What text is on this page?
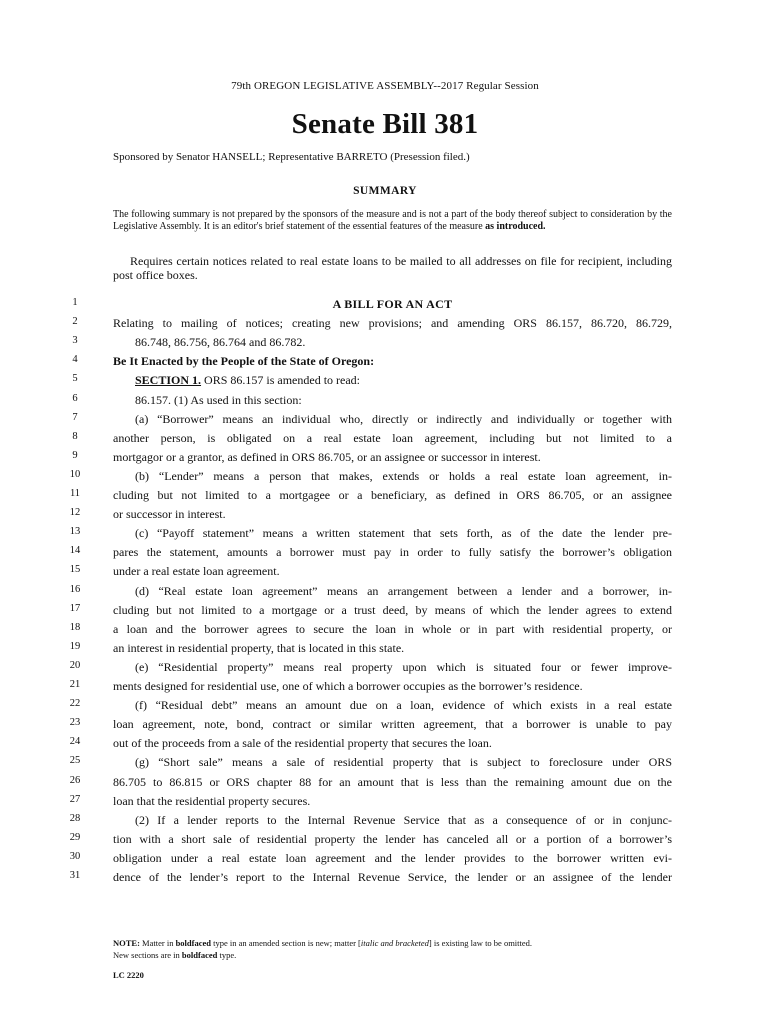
79th OREGON LEGISLATIVE ASSEMBLY--2017 Regular Session
Senate Bill 381
Sponsored by Senator HANSELL; Representative BARRETO (Presession filed.)
SUMMARY
The following summary is not prepared by the sponsors of the measure and is not a part of the body thereof subject to consideration by the Legislative Assembly. It is an editor's brief statement of the essential features of the measure as introduced.
Requires certain notices related to real estate loans to be mailed to all addresses on file for recipient, including post office boxes.
1	A BILL FOR AN ACT
2	Relating to mailing of notices; creating new provisions; and amending ORS 86.157, 86.720, 86.729,
3	86.748, 86.756, 86.764 and 86.782.
4	Be It Enacted by the People of the State of Oregon:
5	SECTION 1. ORS 86.157 is amended to read:
6	86.157. (1) As used in this section:
7	(a) “Borrower” means an individual who, directly or indirectly and individually or together with
8	another person, is obligated on a real estate loan agreement, including but not limited to a
9	mortgagor or a grantor, as defined in ORS 86.705, or an assignee or successor in interest.
10	(b) “Lender” means a person that makes, extends or holds a real estate loan agreement, in-
11	cluding but not limited to a mortgagee or a beneficiary, as defined in ORS 86.705, or an assignee
12	or successor in interest.
13	(c) “Payoff statement” means a written statement that sets forth, as of the date the lender pre-
14	pares the statement, amounts a borrower must pay in order to fully satisfy the borrower’s obligation
15	under a real estate loan agreement.
16	(d) “Real estate loan agreement” means an arrangement between a lender and a borrower, in-
17	cluding but not limited to a mortgage or a trust deed, by means of which the lender agrees to extend
18	a loan and the borrower agrees to secure the loan in whole or in part with residential property, or
19	an interest in residential property, that is located in this state.
20	(e) “Residential property” means real property upon which is situated four or fewer improve-
21	ments designed for residential use, one of which a borrower occupies as the borrower’s residence.
22	(f) “Residual debt” means an amount due on a loan, evidence of which exists in a real estate
23	loan agreement, note, bond, contract or similar written agreement, that a borrower is unable to pay
24	out of the proceeds from a sale of the residential property that secures the loan.
25	(g) “Short sale” means a sale of residential property that is subject to foreclosure under ORS
26	86.705 to 86.815 or ORS chapter 88 for an amount that is less than the remaining amount due on the
27	loan that the residential property secures.
28	(2) If a lender reports to the Internal Revenue Service that as a consequence of or in conjunc-
29	tion with a short sale of residential property the lender has canceled all or a portion of a borrower’s
30	obligation under a real estate loan agreement and the lender provides to the borrower written evi-
31	dence of the lender’s report to the Internal Revenue Service, the lender or an assignee of the lender
NOTE: Matter in boldfaced type in an amended section is new; matter [italic and bracketed] is existing law to be omitted.
New sections are in boldfaced type.
LC 2220
